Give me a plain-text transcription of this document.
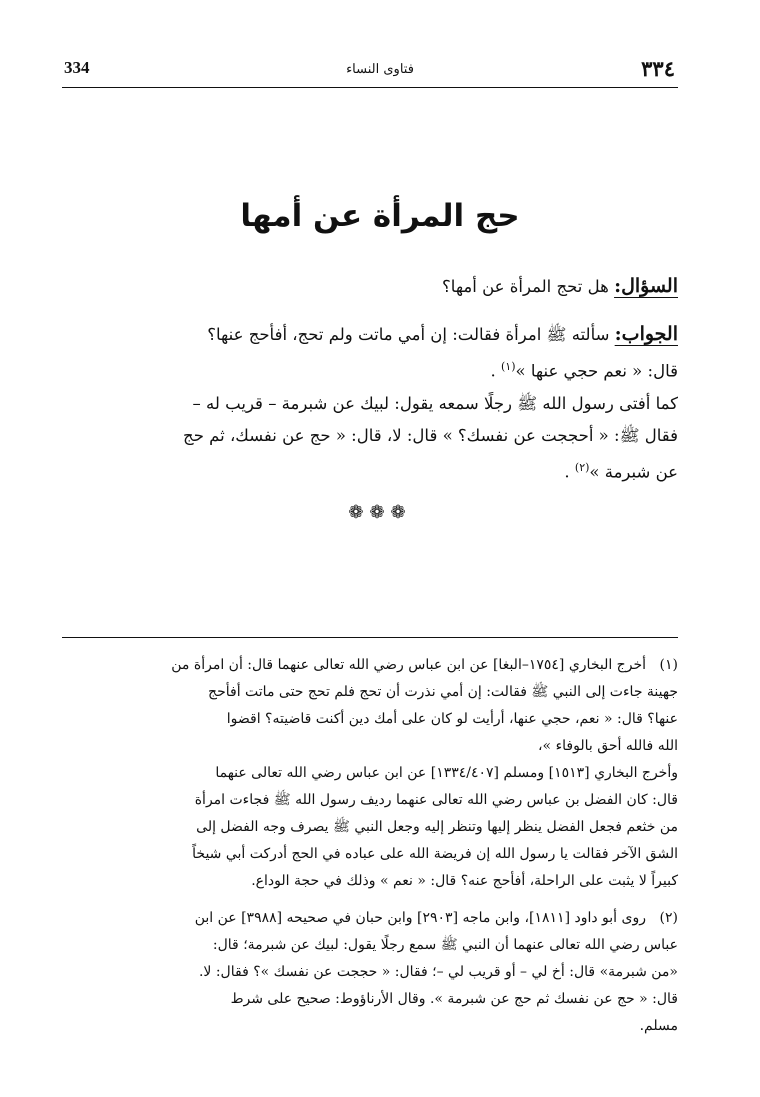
334	فتاوى النساء	٣٣٤
حج المرأة عن أمها
السؤال: هل تحج المرأة عن أمها؟

الجواب: سألته ﷺ امرأة فقالت: إن أمي ماتت ولم تحج، أفأحج عنها؟

قال: « نعم حجي عنها »$^{(١)}$ .

كما أفتى رسول الله ﷺ رجلًا سمعه يقول: لبيك عن شبرمة – قريب له –

فقال ﷺ: « أحججت عن نفسك؟ » قال: لا، قال: « حج عن نفسك، ثم حج

عن شبرمة »$^{(٢)}$ .

❁❁❁

(١)أخرج البخاري [١٧٥٤–البغا] عن ابن عباس رضي الله تعالى عنهما قال: أن امرأة من

جهينة جاءت إلى النبي ﷺ فقالت: إن أمي نذرت أن تحج فلم تحج حتى ماتت أفأحج

عنها؟ قال: « نعم، حجي عنها، أرأيت لو كان على أمك دين أكنت قاضيته؟ اقضوا

الله فالله أحق بالوفاء »،

وأخرج البخاري [١٥١٣] ومسلم [١٣٣٤/٤٠٧] عن ابن عباس رضي الله تعالى عنهما

قال: كان الفضل بن عباس رضي الله تعالى عنهما رديف رسول الله ﷺ فجاءت امرأة

من خثعم فجعل الفضل ينظر إليها وتنظر إليه وجعل النبي ﷺ يصرف وجه الفضل إلى

الشق الآخر فقالت يا رسول الله إن فريضة الله على عباده في الحج أدركت أبي شيخاً

كبيراً لا يثبت على الراحلة، أفأحج عنه؟ قال: « نعم » وذلك في حجة الوداع.

(٢)روى أبو داود [١٨١١]، وابن ماجه [٢٩٠٣] وابن حبان في صحيحه [٣٩٨٨] عن ابن

عباس رضي الله تعالى عنهما أن النبي ﷺ سمع رجلًا يقول: لبيك عن شبرمة؛ قال:

«من شبرمة» قال: أخ لي – أو قريب لي –؛ فقال: « حججت عن نفسك »؟ فقال: لا.

قال: « حج عن نفسك ثم حج عن شبرمة ». وقال الأرناؤوط: صحيح على شرط

مسلم.
